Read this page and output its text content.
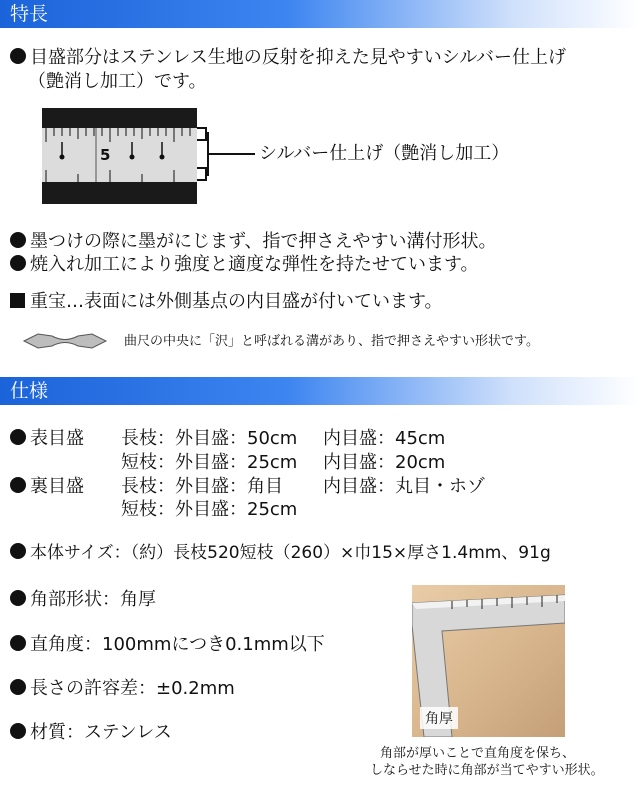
特長
目盛部分はステンレス生地の反射を抑えた見やすいシルバー仕上げ
（艶消し加工）です。
5	シルバー仕上げ（艶消し加工）
墨つけの際に墨がにじまず、指で押さえやすい溝付形状。
焼入れ加工により強度と適度な弾性を持たせています。
重宝…表面には外側基点の内目盛が付いています。
曲尺の中央に「沢」と呼ばれる溝があり、指で押さえやすい形状です。
仕様
表目盛 長枝：外目盛：50cm 内目盛：45cm
短枝：外目盛：25cm 内目盛：20cm
裏目盛 長枝：外目盛：角目 内目盛：丸目・ホゾ
短枝：外目盛：25cm
本体サイズ：（約）長枝520短枝（260）×巾15×厚さ1.4mm、91g
角部形状：角厚
直角度：100mmにつき0.1mm以下
長さの許容差：±0.2mm
材質：ステンレス
角厚
角部が厚いことで直角度を保ち、
しならせた時に角部が当てやすい形状。
